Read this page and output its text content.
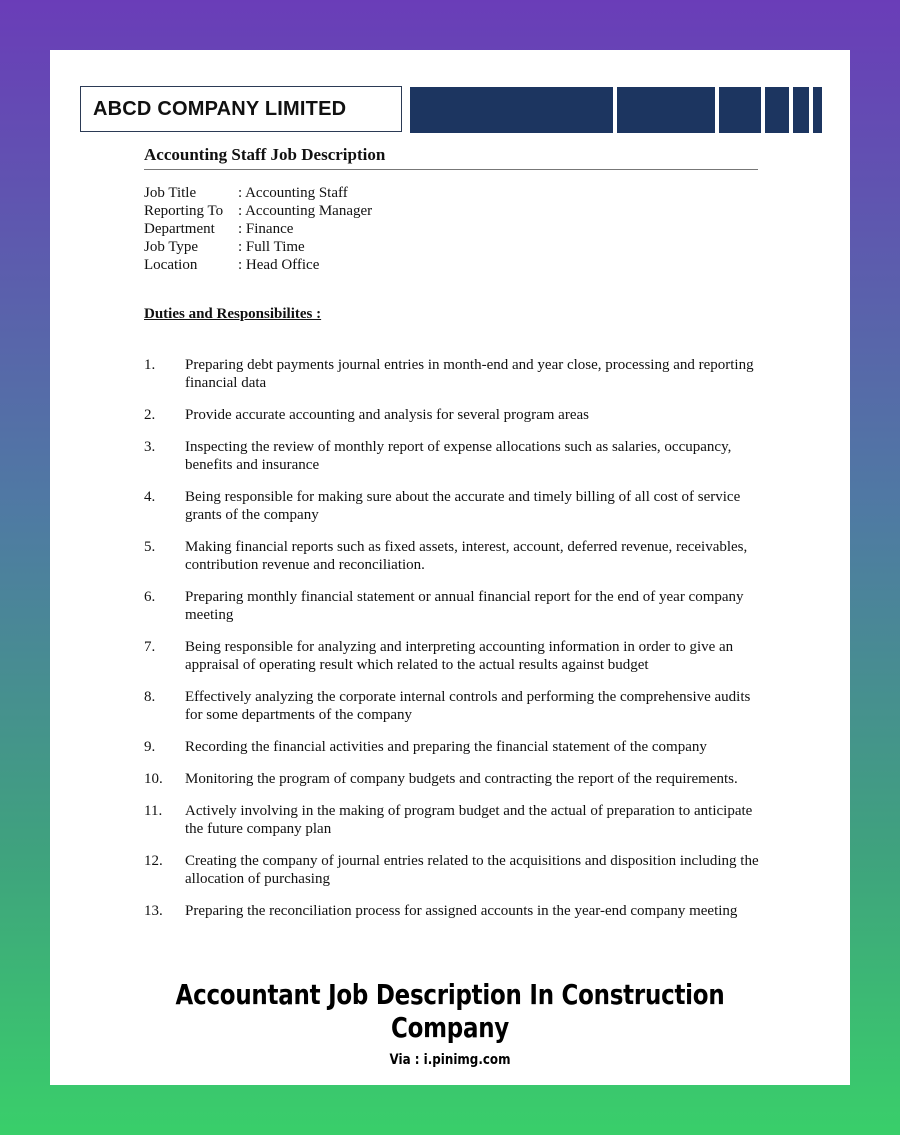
ABCD COMPANY LIMITED
Accounting Staff Job Description
Job Title	: Accounting Staff
Reporting To : Accounting Manager
Department	: Finance
Job Type	: Full Time
Location	: Head Office
Duties and Responsibilites :
1.	Preparing debt payments journal entries in month-end and year close, processing and reporting financial data
2.	Provide accurate accounting and analysis for several program areas
3.	Inspecting the review of monthly report of expense allocations such as salaries, occupancy, benefits and insurance
4.	Being responsible for making sure about the accurate and timely billing of all cost of service grants of the company
5.	Making financial reports such as fixed assets, interest, account, deferred revenue, receivables, contribution revenue and reconciliation.
6.	Preparing monthly financial statement or annual financial report for the end of year company meeting
7.	Being responsible for analyzing and interpreting accounting information in order to give an appraisal of operating result which related to the actual results against budget
8.	Effectively analyzing the corporate internal controls and performing the comprehensive audits for some departments of the company
9.	Recording the financial activities and preparing the financial statement of the company
10.	Monitoring the program of company budgets and contracting the report of the requirements.
11.	Actively involving in the making of program budget and the actual of preparation to anticipate the future company plan
12.	Creating the company of journal entries related to the acquisitions and disposition including the allocation of purchasing
13.	Preparing the reconciliation process for assigned accounts in the year-end company meeting
Accountant Job Description In Construction Company
Via : i.pinimg.com
